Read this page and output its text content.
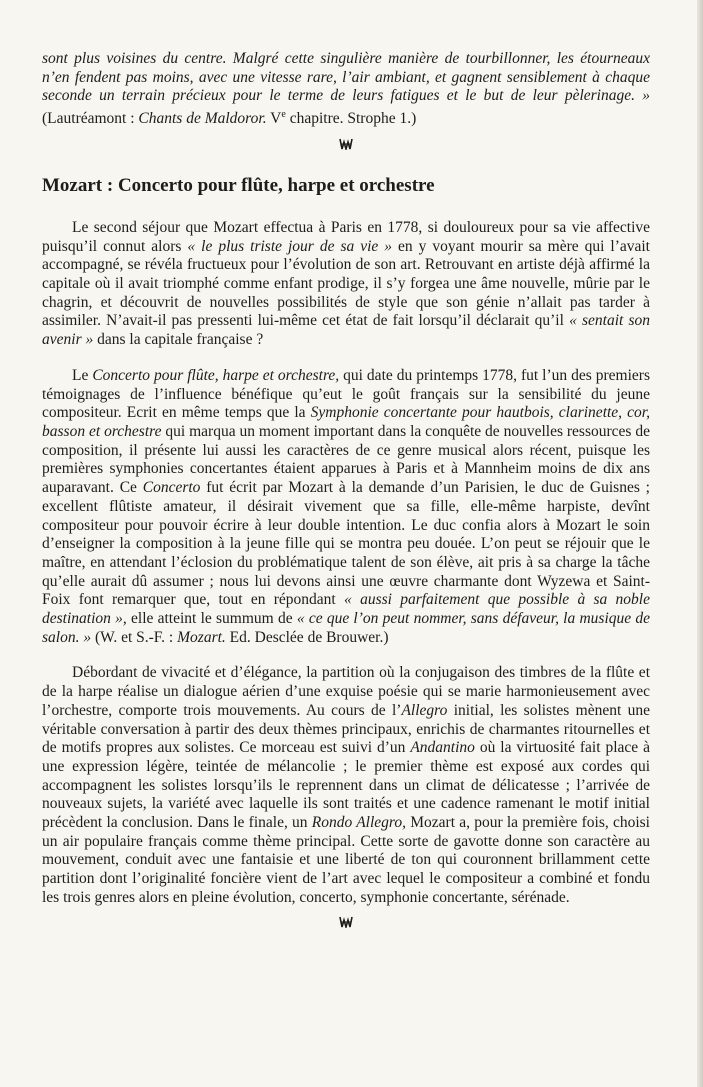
sont plus voisines du centre. Malgré cette singulière manière de tourbillonner, les étourneaux n’en fendent pas moins, avec une vitesse rare, l’air ambiant, et gagnent sensiblement à chaque seconde un terrain précieux pour le terme de leurs fatigues et le but de leur pèlerinage. » (Lautréamont : Chants de Maldoror. Ve chapitre. Strophe 1.)

Mozart : Concerto pour flûte, harpe et orchestre

Le second séjour que Mozart effectua à Paris en 1778, si douloureux pour sa vie affective puisqu’il connut alors « le plus triste jour de sa vie » en y voyant mourir sa mère qui l’avait accompagné, se révéla fructueux pour l’évolution de son art. Retrouvant en artiste déjà affirmé la capitale où il avait triomphé comme enfant prodige, il s’y forgea une âme nouvelle, mûrie par le chagrin, et découvrit de nouvelles possibilités de style que son génie n’allait pas tarder à assimiler. N’avait-il pas pressenti lui-même cet état de fait lorsqu’il déclarait qu’il « sentait son avenir » dans la capitale française ?

Le Concerto pour flûte, harpe et orchestre, qui date du printemps 1778, fut l’un des premiers témoignages de l’influence bénéfique qu’eut le goût français sur la sensibilité du jeune compositeur. Ecrit en même temps que la Symphonie concertante pour hautbois, clarinette, cor, basson et orchestre qui marqua un moment important dans la conquête de nouvelles ressources de composition, il présente lui aussi les caractères de ce genre musical alors récent, puisque les premières symphonies concertantes étaient apparues à Paris et à Mannheim moins de dix ans auparavant. Ce Concerto fut écrit par Mozart à la demande d’un Parisien, le duc de Guisnes ; excellent flûtiste amateur, il désirait vivement que sa fille, elle-même harpiste, devînt compositeur pour pouvoir écrire à leur double intention. Le duc confia alors à Mozart le soin d’enseigner la composition à la jeune fille qui se montra peu douée. L’on peut se réjouir que le maître, en attendant l’éclosion du problématique talent de son élève, ait pris à sa charge la tâche qu’elle aurait dû assumer ; nous lui devons ainsi une œuvre charmante dont Wyzewa et Saint-Foix font remarquer que, tout en répondant « aussi parfaitement que possible à sa noble destination », elle atteint le summum de « ce que l’on peut nommer, sans défaveur, la musique de salon. » (W. et S.-F. : Mozart. Ed. Desclée de Brouwer.)

Débordant de vivacité et d’élégance, la partition où la conjugaison des timbres de la flûte et de la harpe réalise un dialogue aérien d’une exquise poésie qui se marie harmonieusement avec l’orchestre, comporte trois mouvements. Au cours de l’Allegro initial, les solistes mènent une véritable conversation à partir des deux thèmes principaux, enrichis de charmantes ritournelles et de motifs propres aux solistes. Ce morceau est suivi d’un Andantino où la virtuosité fait place à une expression légère, teintée de mélancolie ; le premier thème est exposé aux cordes qui accompagnent les solistes lorsqu’ils le reprennent dans un climat de délicatesse ; l’arrivée de nouveaux sujets, la variété avec laquelle ils sont traités et une cadence ramenant le motif initial précèdent la conclusion. Dans le finale, un Rondo Allegro, Mozart a, pour la première fois, choisi un air populaire français comme thème principal. Cette sorte de gavotte donne son caractère au mouvement, conduit avec une fantaisie et une liberté de ton qui couronnent brillamment cette partition dont l’originalité foncière vient de l’art avec lequel le compositeur a combiné et fondu les trois genres alors en pleine évolution, concerto, symphonie concertante, sérénade.
